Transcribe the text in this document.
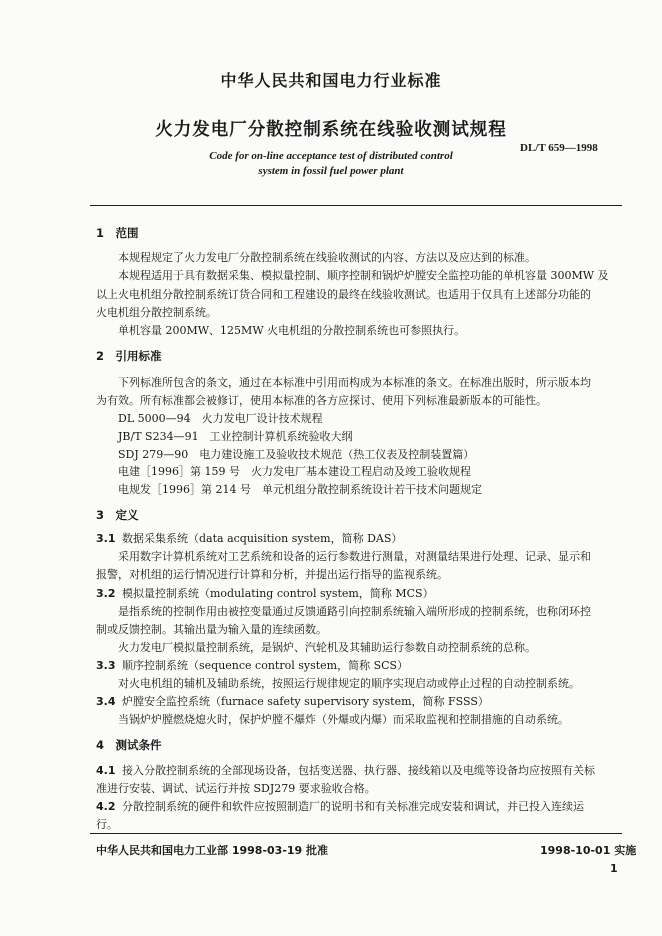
中华人民共和国电力行业标准
火力发电厂分散控制系统在线验收测试规程
DL/T 659—1998
Code for on-line acceptance test of distributed control
system in fossil fuel power plant
1　范围
本规程规定了火力发电厂分散控制系统在线验收测试的内容、方法以及应达到的标准。
本规程适用于具有数据采集、模拟量控制、顺序控制和锅炉炉膛安全监控功能的单机容量 300MW 及
以上火电机组分散控制系统订货合同和工程建设的最终在线验收测试。也适用于仅具有上述部分功能的
火电机组分散控制系统。
单机容量 200MW、125MW 火电机组的分散控制系统也可参照执行。
2　引用标准
下列标准所包含的条文，通过在本标准中引用而构成为本标准的条文。在标准出版时，所示版本均
为有效。所有标准都会被修订，使用本标准的各方应探讨、使用下列标准最新版本的可能性。
DL 5000—94　火力发电厂设计技术规程
JB/T S234—91　工业控制计算机系统验收大纲
SDJ 279—90　电力建设施工及验收技术规范（热工仪表及控制装置篇）
电建［1996］第 159 号　火力发电厂基本建设工程启动及竣工验收规程
电规发［1996］第 214 号　单元机组分散控制系统设计若干技术问题规定
3　定义
3.1 数据采集系统（data acquisition system，简称 DAS）
采用数字计算机系统对工艺系统和设备的运行参数进行测量，对测量结果进行处理、记录、显示和
报警，对机组的运行情况进行计算和分析，并提出运行指导的监视系统。
3.2 模拟量控制系统（modulating control system，简称 MCS）
是指系统的控制作用由被控变量通过反馈通路引向控制系统输入端所形成的控制系统，也称闭环控
制或反馈控制。其输出量为输入量的连续函数。
火力发电厂模拟量控制系统，是锅炉、汽轮机及其辅助运行参数自动控制系统的总称。
3.3 顺序控制系统（sequence control system，简称 SCS）
对火电机组的辅机及辅助系统，按照运行规律规定的顺序实现启动或停止过程的自动控制系统。
3.4 炉膛安全监控系统（furnace safety supervisory system，简称 FSSS）
当锅炉炉膛燃烧熄火时，保护炉膛不爆炸（外爆或内爆）而采取监视和控制措施的自动系统。
4　测试条件
4.1 接入分散控制系统的全部现场设备，包括变送器、执行器、接线箱以及电缆等设备均应按照有关标
准进行安装、调试、试运行并按 SDJ279 要求验收合格。
4.2 分散控制系统的硬件和软件应按照制造厂的说明书和有关标准完成安装和调试，并已投入连续运
行。
中华人民共和国电力工业部 1998-03-19 批准	1998-10-01 实施
1
